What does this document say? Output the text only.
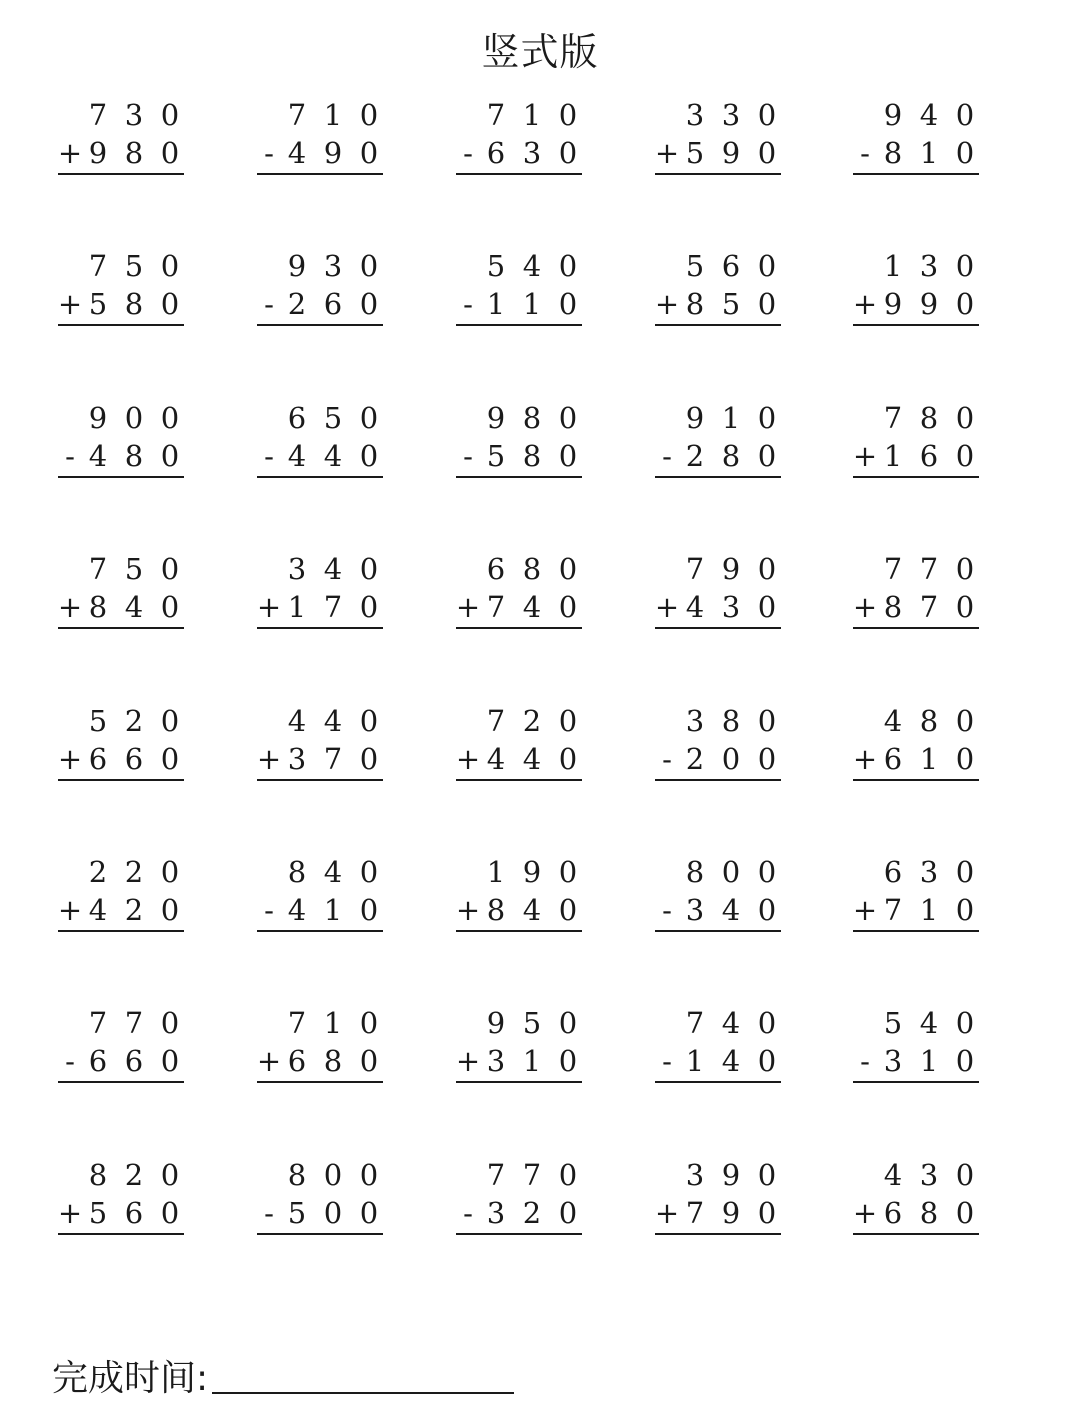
竖式版
7 3 0
+ 9 8 0
7 1 0
- 4 9 0
7 1 0
- 6 3 0
3 3 0
+ 5 9 0
9 4 0
- 8 1 0
7 5 0
+ 5 8 0
9 3 0
- 2 6 0
5 4 0
- 1 1 0
5 6 0
+ 8 5 0
1 3 0
+ 9 9 0
9 0 0
- 4 8 0
6 5 0
- 4 4 0
9 8 0
- 5 8 0
9 1 0
- 2 8 0
7 8 0
+ 1 6 0
7 5 0
+ 8 4 0
3 4 0
+ 1 7 0
6 8 0
+ 7 4 0
7 9 0
+ 4 3 0
7 7 0
+ 8 7 0
5 2 0
+ 6 6 0
4 4 0
+ 3 7 0
7 2 0
+ 4 4 0
3 8 0
- 2 0 0
4 8 0
+ 6 1 0
2 2 0
+ 4 2 0
8 4 0
- 4 1 0
1 9 0
+ 8 4 0
8 0 0
- 3 4 0
6 3 0
+ 7 1 0
7 7 0
- 6 6 0
7 1 0
+ 6 8 0
9 5 0
+ 3 1 0
7 4 0
- 1 4 0
5 4 0
- 3 1 0
8 2 0
+ 5 6 0
8 0 0
- 5 0 0
7 7 0
- 3 2 0
3 9 0
+ 7 9 0
4 3 0
+ 6 8 0
完成时间:
